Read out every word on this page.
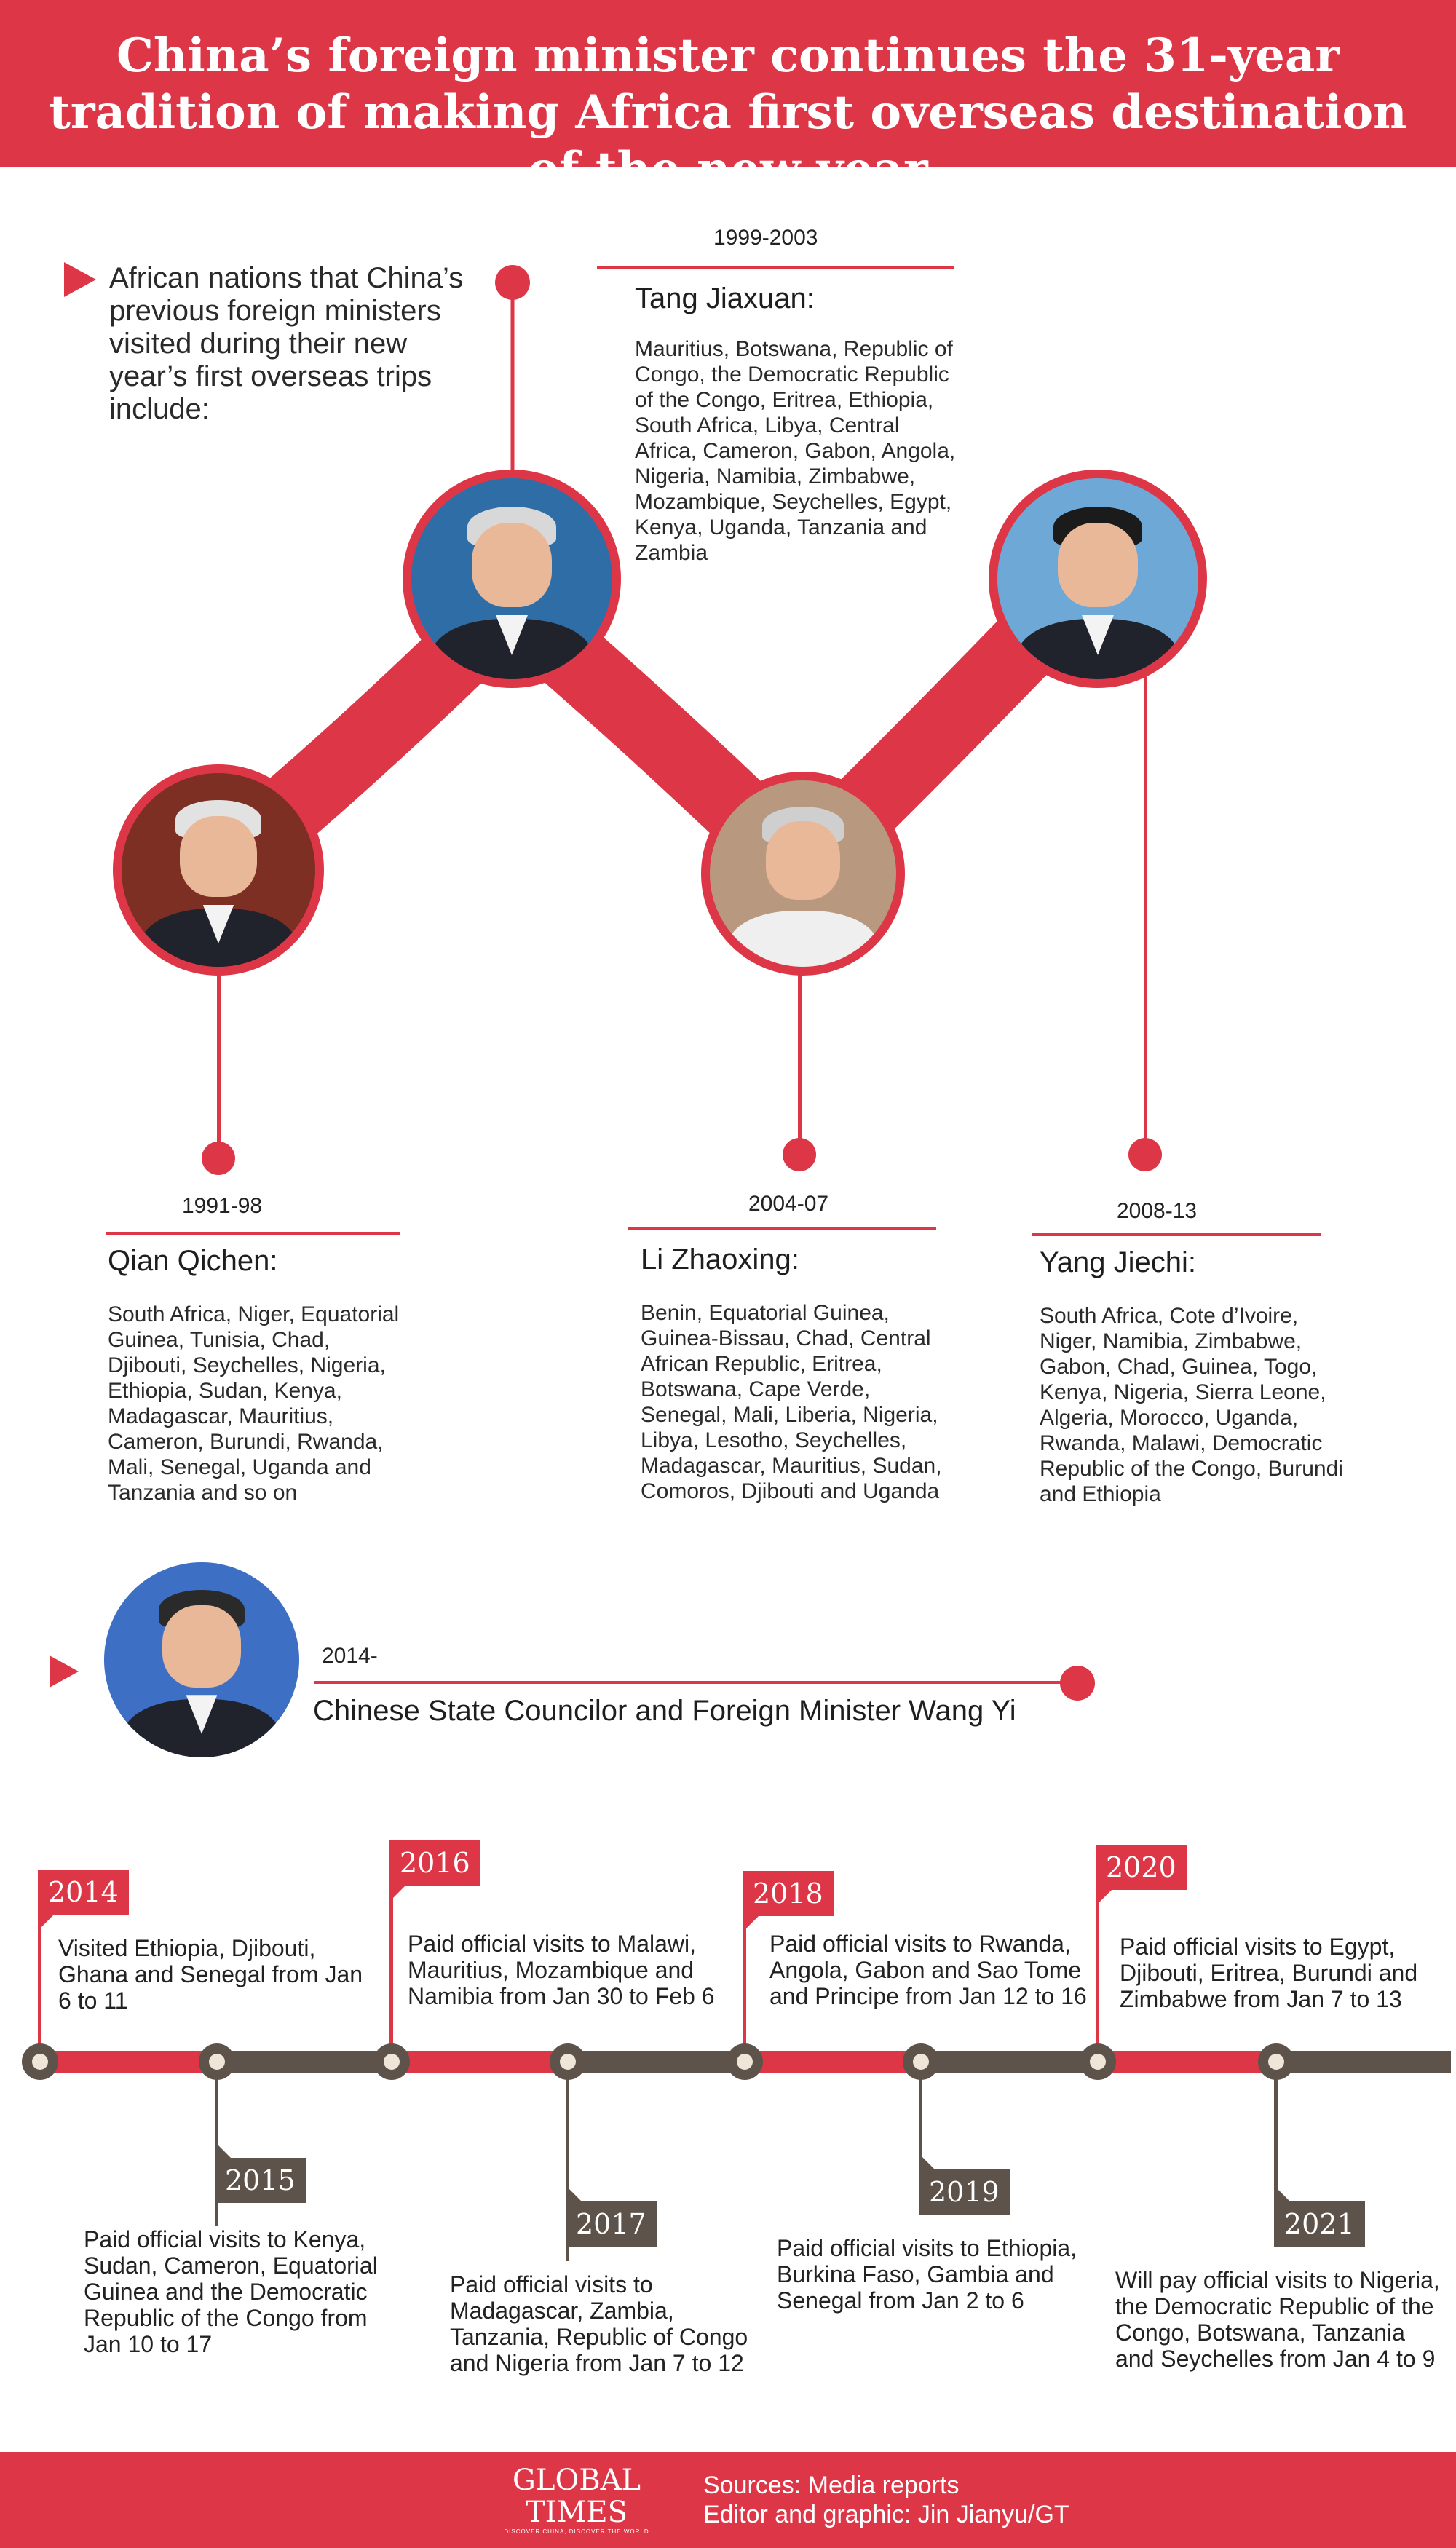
China’s foreign minister continues the 31-year tradition of making Africa first overseas destination of the new year
African nations that China’s previous foreign ministers visited during their new year’s first overseas trips include:
1999-2003
Tang Jiaxuan:
Mauritius, Botswana, Republic of Congo, the Democratic Republic of the Congo, Eritrea, Ethiopia, South Africa, Libya, Central Africa, Cameron, Gabon, Angola, Nigeria, Namibia, Zimbabwe, Mozambique, Seychelles, Egypt, Kenya, Uganda, Tanzania and Zambia
1991-98
Qian Qichen:
South Africa, Niger, Equatorial Guinea, Tunisia, Chad, Djibouti, Seychelles, Nigeria, Ethiopia, Sudan, Kenya, Madagascar, Mauritius, Cameron, Burundi, Rwanda, Mali, Senegal, Uganda and Tanzania and so on
2004-07
Li Zhaoxing:
Benin, Equatorial Guinea, Guinea-Bissau, Chad, Central African Republic, Eritrea, Botswana, Cape Verde, Senegal, Mali, Liberia, Nigeria, Libya, Lesotho, Seychelles, Madagascar, Mauritius, Sudan, Comoros, Djibouti and Uganda
2008-13
Yang Jiechi:
South Africa, Cote d’Ivoire, Niger, Namibia, Zimbabwe, Gabon, Chad, Guinea, Togo, Kenya, Nigeria, Sierra Leone, Algeria, Morocco, Uganda, Rwanda, Malawi, Democratic Republic of the Congo, Burundi and Ethiopia
2014-
Chinese State Councilor and Foreign Minister Wang Yi
2014
2015
2016
2017
2018
2019
2020
2021
Visited Ethiopia, Djibouti, Ghana and Senegal from Jan 6 to 11
Paid official visits to Kenya, Sudan, Cameron, Equatorial Guinea and the Democratic Republic of the Congo from Jan 10 to 17
Paid official visits to Malawi, Mauritius, Mozambique and Namibia from Jan 30 to Feb 6
Paid official visits to Madagascar, Zambia, Tanzania, Republic of Congo and Nigeria from Jan 7 to 12
Paid official visits to Rwanda, Angola, Gabon and Sao Tome and Principe from Jan 12 to 16
Paid official visits to Ethiopia, Burkina Faso, Gambia and Senegal from Jan 2 to 6
Paid official visits to Egypt, Djibouti, Eritrea, Burundi and Zimbabwe from Jan 7 to 13
Will pay official visits to Nigeria, the Democratic Republic of the Congo, Botswana, Tanzania and Seychelles from Jan 4 to 9
GLOBAL
TIMES
DISCOVER CHINA, DISCOVER THE WORLD
Sources: Media reports
Editor and graphic: Jin Jianyu/GT
